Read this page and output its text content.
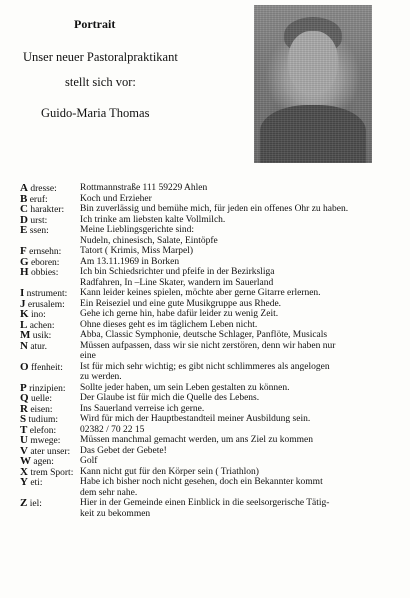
Portrait
Unser neuer Pastoralpraktikant
stellt sich vor:
Guido-Maria Thomas
A dresse: Rottmannstraße 111 59229 Ahlen
B eruf:	Koch und Erzieher
C harakter: Bin zuverlässig und bemühe mich, für jeden ein offenes Ohr zu haben.
D urst:	Ich trinke am liebsten kalte Vollmilch.
E ssen:	Meine Lieblingsgerichte sind:
Nudeln, chinesisch, Salate, Eintöpfe
F ernsehn: Tatort ( Krimis, Miss Marpel)
G eboren: Am 13.11.1969 in Borken
H obbies: Ich bin Schiedsrichter und pfeife in der Bezirksliga
Radfahren, In –Line Skater, wandern im Sauerland
I nstrument: Kann leider keines spielen, möchte aber gerne Gitarre erlernen.
J erusalem: Ein Reiseziel und eine gute Musikgruppe aus Rhede.
K ino:	Gehe ich gerne hin, habe dafür leider zu wenig Zeit.
L achen:	Ohne dieses geht es im täglichem Leben nicht.
M usik:	Abba, Classic Symphonie, deutsche Schlager, Panflöte, Musicals
N atur.	Müssen aufpassen, dass wir sie nicht zerstören, denn wir haben nur
eine
O ffenheit: Ist für mich sehr wichtig; es gibt nicht schlimmeres als angelogen
zu werden.
P rinzipien: Sollte jeder haben, um sein Leben gestalten zu können.
Q uelle:	Der Glaube ist für mich die Quelle des Lebens.
R eisen:	Ins Sauerland verreise ich gerne.
S tudium: Wird für mich der Hauptbestandteil meiner Ausbildung sein.
T elefon:	02382 / 70 22 15
U mwege: Müssen manchmal gemacht werden, um ans Ziel zu kommen
V ater unser: Das Gebet der Gebete!
W agen:	Golf
X trem Sport: Kann nicht gut für den Körper sein ( Triathlon)
Y eti:	Habe ich bisher noch nicht gesehen, doch ein Bekannter kommt
dem sehr nahe.
Z iel:	Hier in der Gemeinde einen Einblick in die seelsorgerische Tätig-
keit zu bekommen
